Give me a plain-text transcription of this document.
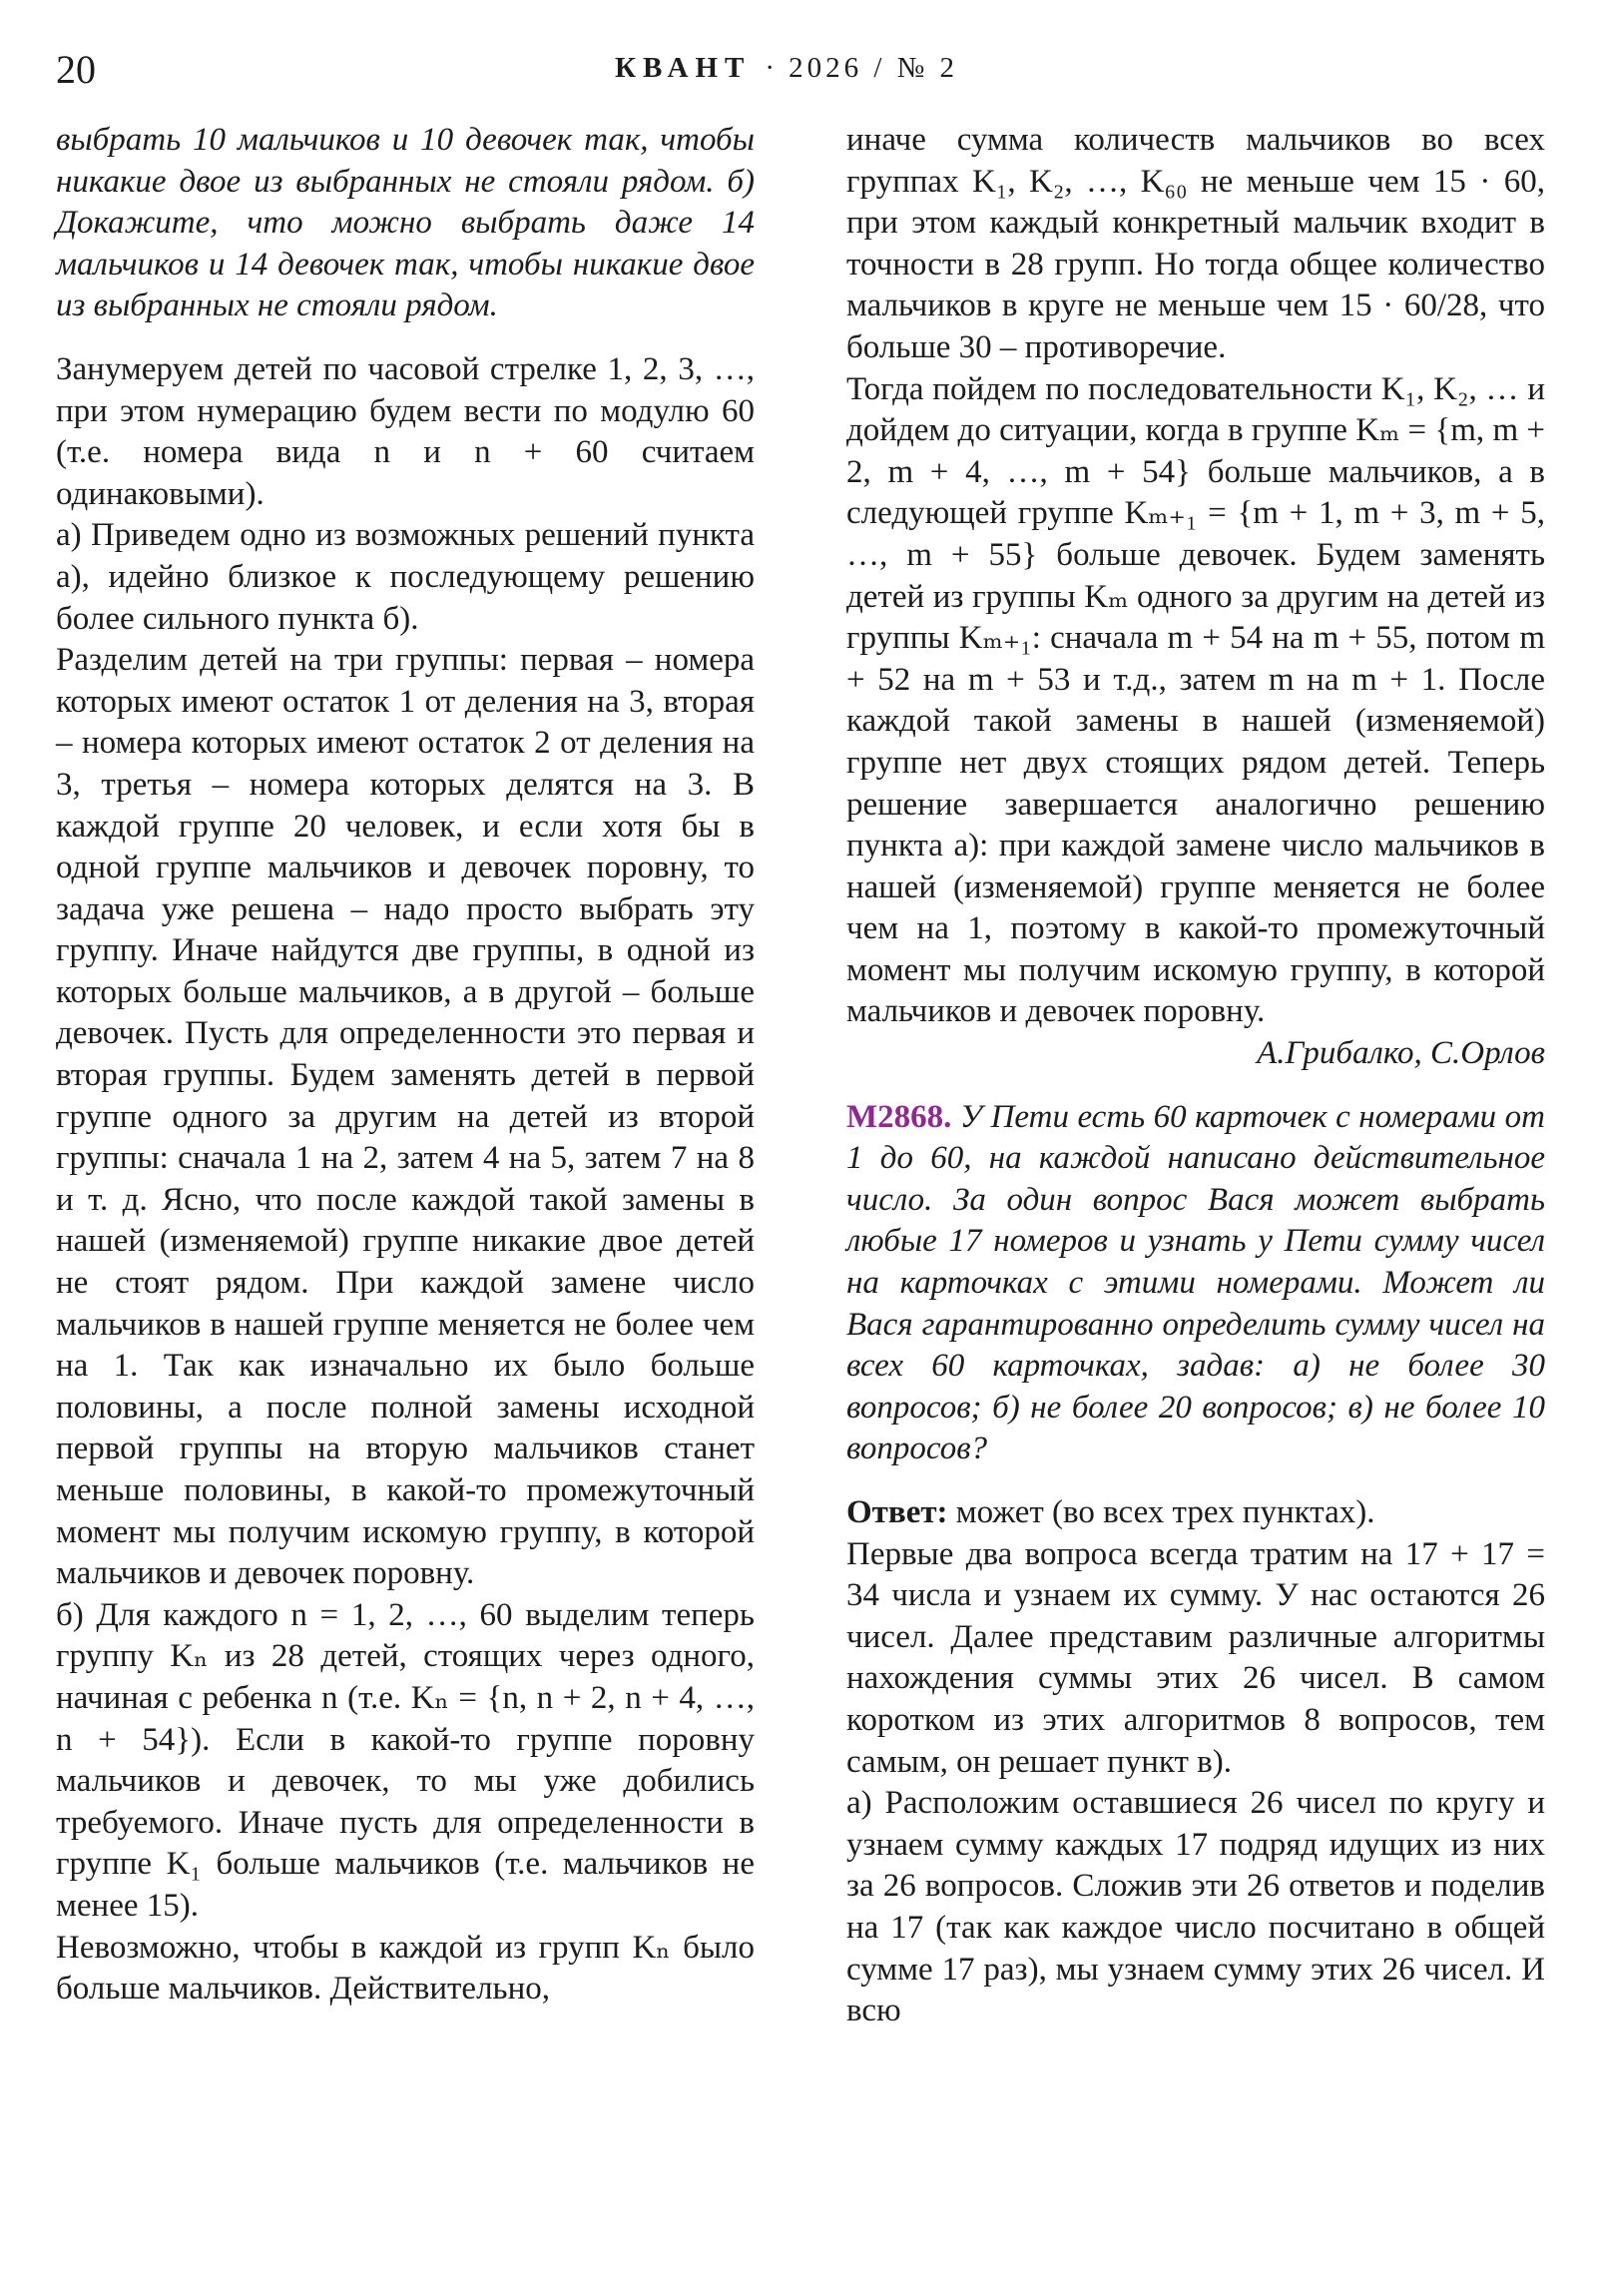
20	КВАНТ · 2026 / № 2

выбрать 10 мальчиков и 10 девочек так, чтобы никакие двое из выбранных не стояли рядом. б) Докажите, что можно выбрать даже 14 мальчиков и 14 девочек так, чтобы никакие двое из выбранных не стояли рядом.

Занумеруем детей по часовой стрелке 1, 2, 3, …, при этом нумерацию будем вести по модулю 60 (т.е. номера вида n и n + 60 считаем одинаковыми).

а) Приведем одно из возможных решений пункта а), идейно близкое к последующему решению более сильного пункта б).

Разделим детей на три группы: первая – номера которых имеют остаток 1 от деления на 3, вторая – номера которых имеют остаток 2 от деления на 3, третья – номера которых делятся на 3. В каждой группе 20 человек, и если хотя бы в одной группе мальчиков и девочек поровну, то задача уже решена – надо просто выбрать эту группу. Иначе найдутся две группы, в одной из которых больше мальчиков, а в другой – больше девочек. Пусть для определенности это первая и вторая группы. Будем заменять детей в первой группе одного за другим на детей из второй группы: сначала 1 на 2, затем 4 на 5, затем 7 на 8 и т. д. Ясно, что после каждой такой замены в нашей (изменяемой) группе никакие двое детей не стоят рядом. При каждой замене число мальчиков в нашей группе меняется не более чем на 1. Так как изначально их было больше половины, а после полной замены исходной первой группы на вторую мальчиков станет меньше половины, в какой-то промежуточный момент мы получим искомую группу, в которой мальчиков и девочек поровну.

б) Для каждого n = 1, 2, …, 60 выделим теперь группу Kₙ из 28 детей, стоящих через одного, начиная с ребенка n (т.е. Kₙ = {n, n + 2, n + 4, …, n + 54}). Если в какой-то группе поровну мальчиков и девочек, то мы уже добились требуемого. Иначе пусть для определенности в группе K₁ больше мальчиков (т.е. мальчиков не менее 15).

Невозможно, чтобы в каждой из групп Kₙ было больше мальчиков. Действительно,

иначе сумма количеств мальчиков во всех группах K₁, K₂, …, K₆₀ не меньше чем 15 · 60, при этом каждый конкретный мальчик входит в точности в 28 групп. Но тогда общее количество мальчиков в круге не меньше чем 15 · 60/28, что больше 30 – противоречие.

Тогда пойдем по последовательности K₁, K₂, … и дойдем до ситуации, когда в группе Kₘ = {m, m + 2, m + 4, …, m + 54} больше мальчиков, а в следующей группе Kₘ₊₁ = {m + 1, m + 3, m + 5, …, m + 55} больше девочек. Будем заменять детей из группы Kₘ одного за другим на детей из группы Kₘ₊₁: сначала m + 54 на m + 55, потом m + 52 на m + 53 и т.д., затем m на m + 1. После каждой такой замены в нашей (изменяемой) группе нет двух стоящих рядом детей. Теперь решение завершается аналогично решению пункта а): при каждой замене число мальчиков в нашей (изменяемой) группе меняется не более чем на 1, поэтому в какой-то промежуточный момент мы получим искомую группу, в которой мальчиков и девочек поровну.

А.Грибалко, С.Орлов

М2868. У Пети есть 60 карточек с номерами от 1 до 60, на каждой написано действительное число. За один вопрос Вася может выбрать любые 17 номеров и узнать у Пети сумму чисел на карточках с этими номерами. Может ли Вася гарантированно определить сумму чисел на всех 60 карточках, задав: а) не более 30 вопросов; б) не более 20 вопросов; в) не более 10 вопросов?

Ответ: может (во всех трех пунктах).

Первые два вопроса всегда тратим на 17 + 17 = 34 числа и узнаем их сумму. У нас остаются 26 чисел. Далее представим различные алгоритмы нахождения суммы этих 26 чисел. В самом коротком из этих алгоритмов 8 вопросов, тем самым, он решает пункт в).

а) Расположим оставшиеся 26 чисел по кругу и узнаем сумму каждых 17 подряд идущих из них за 26 вопросов. Сложив эти 26 ответов и поделив на 17 (так как каждое число посчитано в общей сумме 17 раз), мы узнаем сумму этих 26 чисел. И всю
